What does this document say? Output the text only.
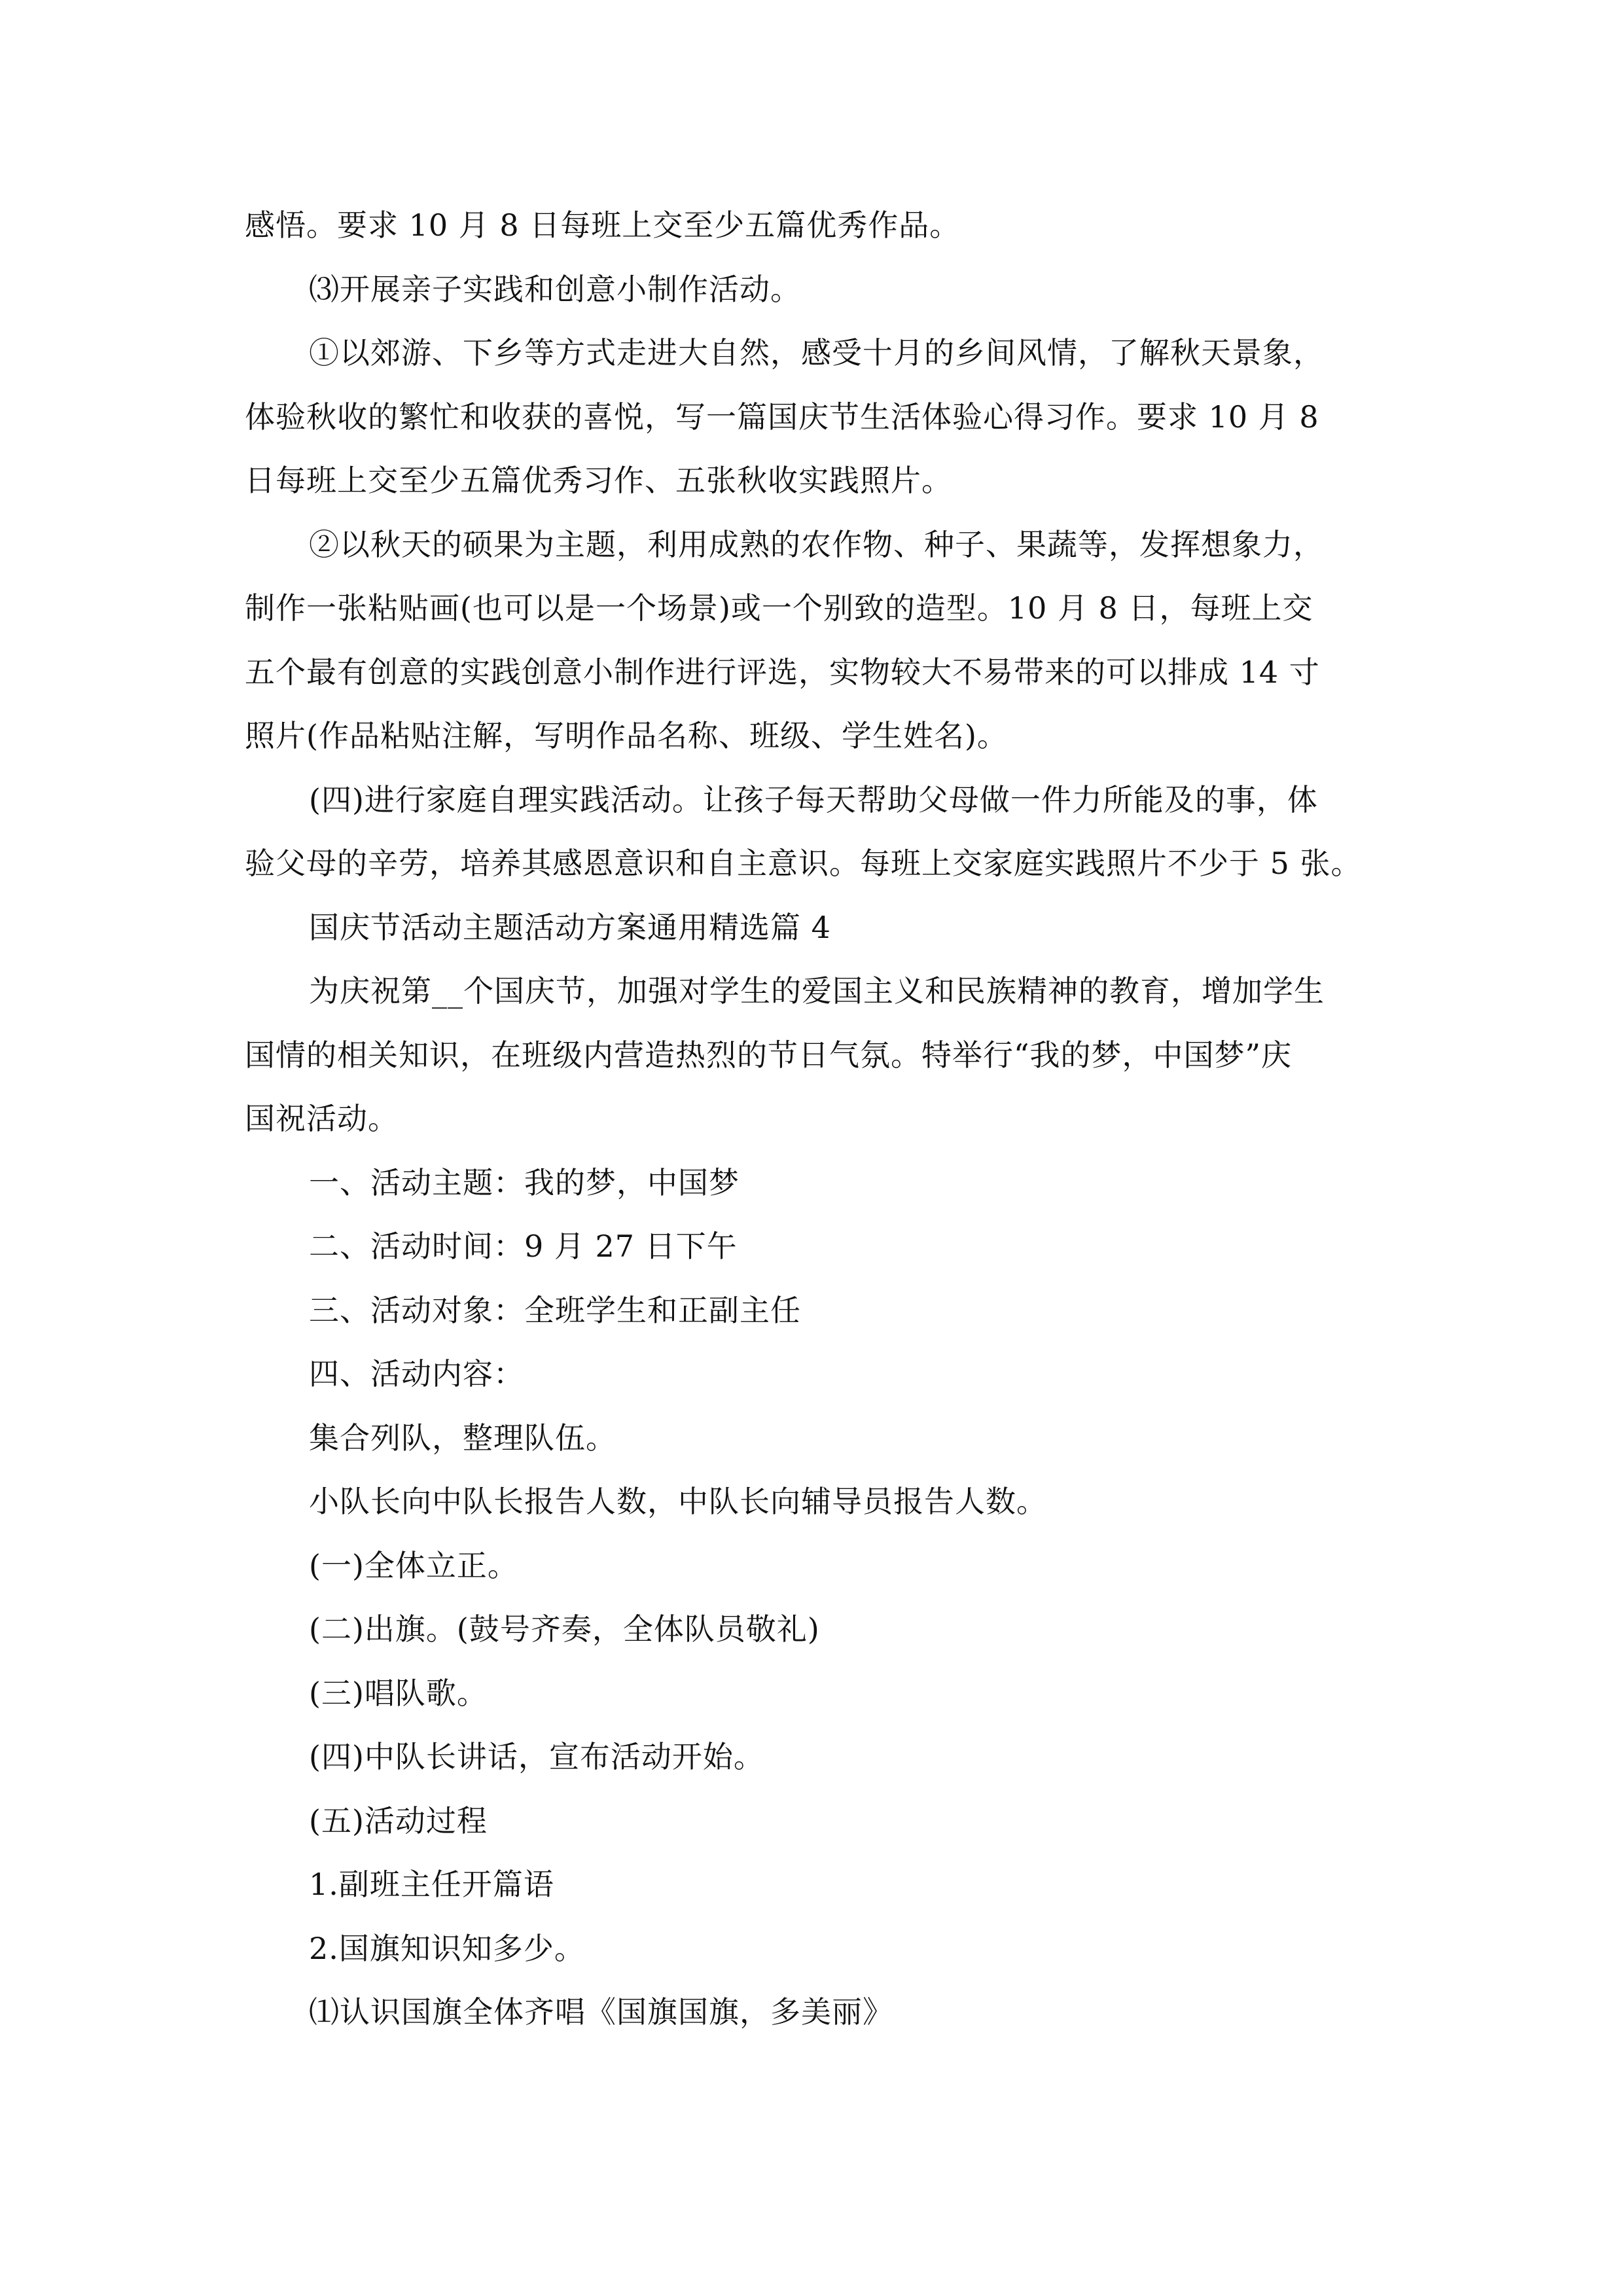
感悟。要求 10 月 8 日每班上交至少五篇优秀作品。
⑶开展亲子实践和创意小制作活动。
①以郊游、下乡等方式走进大自然，感受十月的乡间风情，了解秋天景象，
体验秋收的繁忙和收获的喜悦，写一篇国庆节生活体验心得习作。要求 10 月 8
日每班上交至少五篇优秀习作、五张秋收实践照片。
②以秋天的硕果为主题，利用成熟的农作物、种子、果蔬等，发挥想象力，
制作一张粘贴画(也可以是一个场景)或一个别致的造型。10 月 8 日，每班上交
五个最有创意的实践创意小制作进行评选，实物较大不易带来的可以排成 14 寸
照片(作品粘贴注解，写明作品名称、班级、学生姓名)。
(四)进行家庭自理实践活动。让孩子每天帮助父母做一件力所能及的事，体
验父母的辛劳，培养其感恩意识和自主意识。每班上交家庭实践照片不少于 5 张。
国庆节活动主题活动方案通用精选篇 4
为庆祝第__个国庆节，加强对学生的爱国主义和民族精神的教育，增加学生
国情的相关知识，在班级内营造热烈的节日气氛。特举行“我的梦，中国梦”庆
国祝活动。
一、活动主题：我的梦，中国梦
二、活动时间：9 月 27 日下午
三、活动对象：全班学生和正副主任
四、活动内容：
集合列队，整理队伍。
小队长向中队长报告人数，中队长向辅导员报告人数。
(一)全体立正。
(二)出旗。(鼓号齐奏，全体队员敬礼)
(三)唱队歌。
(四)中队长讲话，宣布活动开始。
(五)活动过程
1.副班主任开篇语
2.国旗知识知多少。
⑴认识国旗全体齐唱《国旗国旗，多美丽》
